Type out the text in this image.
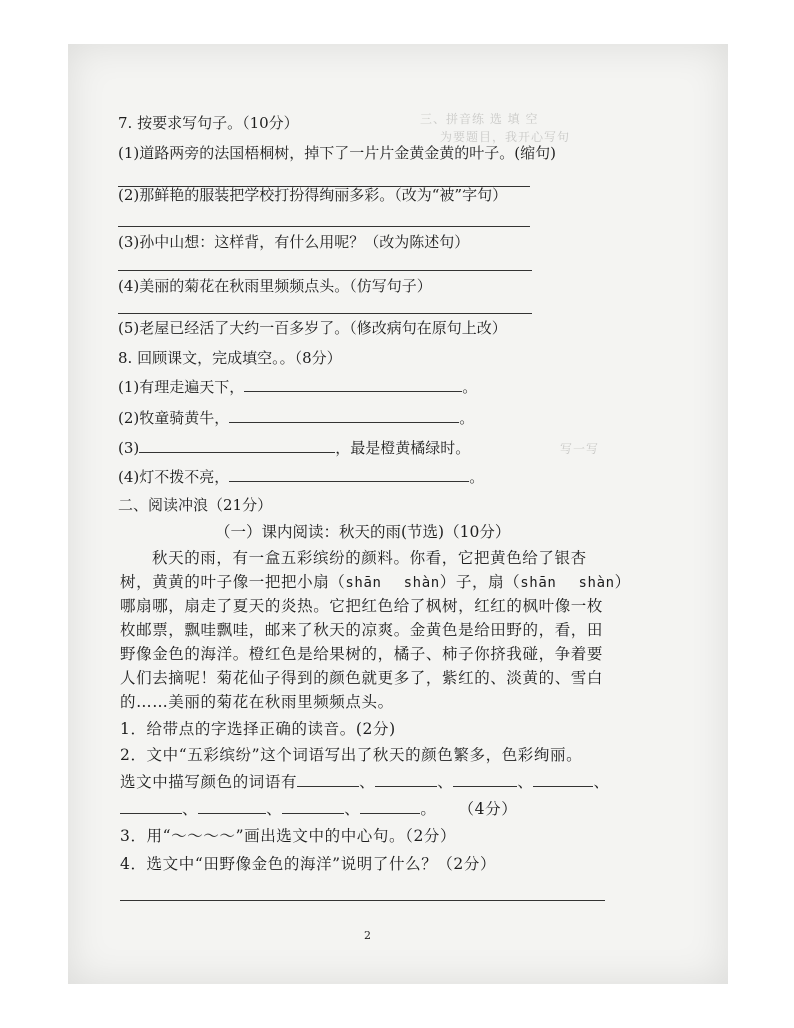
三、拼音练 选 填 空
为要题目，我开心写句
写一写
7. 按要求写句子。（10分）
(1)道路两旁的法国梧桐树，掉下了一片片金黄金黄的叶子。(缩句)
(2)那鲜艳的服装把学校打扮得绚丽多彩。（改为“被”字句）
(3)孙中山想：这样背，有什么用呢？（改为陈述句）
(4)美丽的菊花在秋雨里频频点头。（仿写句子）
(5)老屋已经活了大约一百多岁了。（修改病句在原句上改）
8. 回顾课文，完成填空。。（8分）
(1)有理走遍天下，	。
(2)牧童骑黄牛，	。
(3)	，最是橙黄橘绿时。
(4)灯不拨不亮，	。
二、阅读冲浪（21分）
（一）课内阅读：秋天的雨(节选)（10分）
秋天的雨，有一盒五彩缤纷的颜料。你看，它把黄色给了银杏
树，黄黄的叶子像一把把小扇（shān shàn）子，扇（shān shàn）
哪扇哪，扇走了夏天的炎热。它把红色给了枫树，红红的枫叶像一枚
枚邮票，飘哇飘哇，邮来了秋天的凉爽。金黄色是给田野的，看，田
野像金色的海洋。橙红色是给果树的，橘子、柿子你挤我碰，争着要
人们去摘呢！菊花仙子得到的颜色就更多了，紫红的、淡黄的、雪白
的……美丽的菊花在秋雨里频频点头。
1．给带点的字选择正确的读音。(2分)
2．文中“五彩缤纷”这个词语写出了秋天的颜色繁多，色彩绚丽。
选文中描写颜色的词语有	、	、	、	、
、	、	、	。 （4分）
3．用“～～～～”画出选文中的中心句。（2分）
4．选文中“田野像金色的海洋”说明了什么？（2分）
2
